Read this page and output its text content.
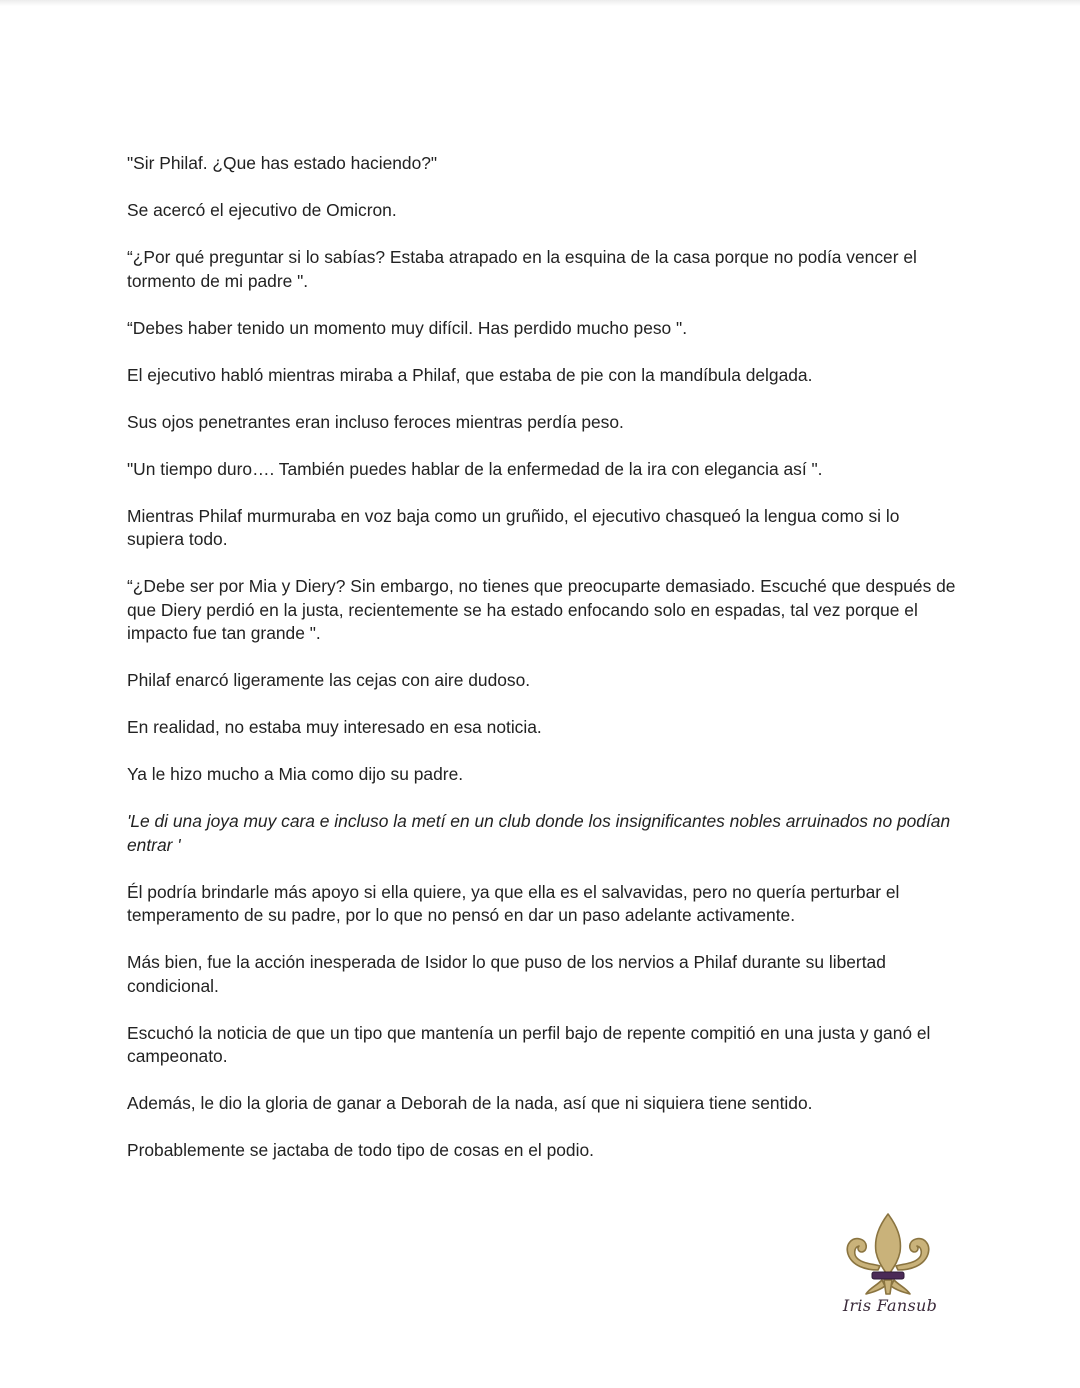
"Sir Philaf. ¿Que has estado haciendo?"

Se acercó el ejecutivo de Omicron.

“¿Por qué preguntar si lo sabías? Estaba atrapado en la esquina de la casa porque no podía vencer el tormento de mi padre ".

“Debes haber tenido un momento muy difícil. Has perdido mucho peso ".

El ejecutivo habló mientras miraba a Philaf, que estaba de pie con la mandíbula delgada.

Sus ojos penetrantes eran incluso feroces mientras perdía peso.

"Un tiempo duro…. También puedes hablar de la enfermedad de la ira con elegancia así ".

Mientras Philaf murmuraba en voz baja como un gruñido, el ejecutivo chasqueó la lengua como si lo supiera todo.

“¿Debe ser por Mia y Diery? Sin embargo, no tienes que preocuparte demasiado. Escuché que después de que Diery perdió en la justa, recientemente se ha estado enfocando solo en espadas, tal vez porque el impacto fue tan grande ".

Philaf enarcó ligeramente las cejas con aire dudoso.

En realidad, no estaba muy interesado en esa noticia.

Ya le hizo mucho a Mia como dijo su padre.

'Le di una joya muy cara e incluso la metí en un club donde los insignificantes nobles arruinados no podían entrar '

Él podría brindarle más apoyo si ella quiere, ya que ella es el salvavidas, pero no quería perturbar el temperamento de su padre, por lo que no pensó en dar un paso adelante activamente.

Más bien, fue la acción inesperada de Isidor lo que puso de los nervios a Philaf durante su libertad condicional.

Escuchó la noticia de que un tipo que mantenía un perfil bajo de repente compitió en una justa y ganó el campeonato.

Además, le dio la gloria de ganar a Deborah de la nada, así que ni siquiera tiene sentido.

Probablemente se jactaba de todo tipo de cosas en el podio.

Iris Fansub
